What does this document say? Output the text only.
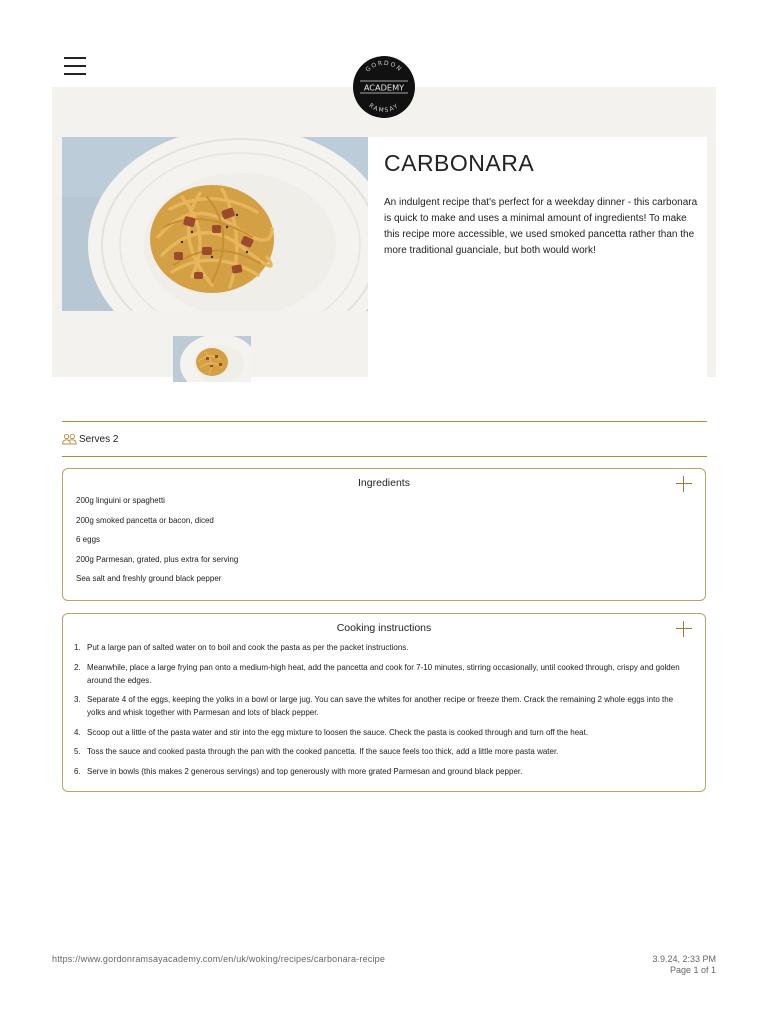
GORDON
ACADEMY
RAMSAY
CARBONARA

An indulgent recipe that's perfect for a weekday dinner - this carbonara is quick to make and uses a minimal amount of ingredients! To make this recipe more accessible, we used smoked pancetta rather than the more traditional guanciale, but both would work!

Serves 2
Ingredients
200g linguini or spaghetti
200g smoked pancetta or bacon, diced
6 eggs
200g Parmesan, grated, plus extra for serving
Sea salt and freshly ground black pepper
Cooking instructions
Put a large pan of salted water on to boil and cook the pasta as per the packet instructions.
Meanwhile, place a large frying pan onto a medium-high heat, add the pancetta and cook for 7-10 minutes, stirring occasionally, until cooked through, crispy and golden around the edges.
Separate 4 of the eggs, keeping the yolks in a bowl or large jug. You can save the whites for another recipe or freeze them. Crack the remaining 2 whole eggs into the yolks and whisk together with Parmesan and lots of black pepper.
Scoop out a little of the pasta water and stir into the egg mixture to loosen the sauce. Check the pasta is cooked through and turn off the heat.
Toss the sauce and cooked pasta through the pan with the cooked pancetta. If the sauce feels too thick, add a little more pasta water.
Serve in bowls (this makes 2 generous servings) and top generously with more grated Parmesan and ground black pepper.
https://www.gordonramsayacademy.com/en/uk/woking/recipes/carbonara-recipe	3.9.24, 2:33 PM
Page 1 of 1
